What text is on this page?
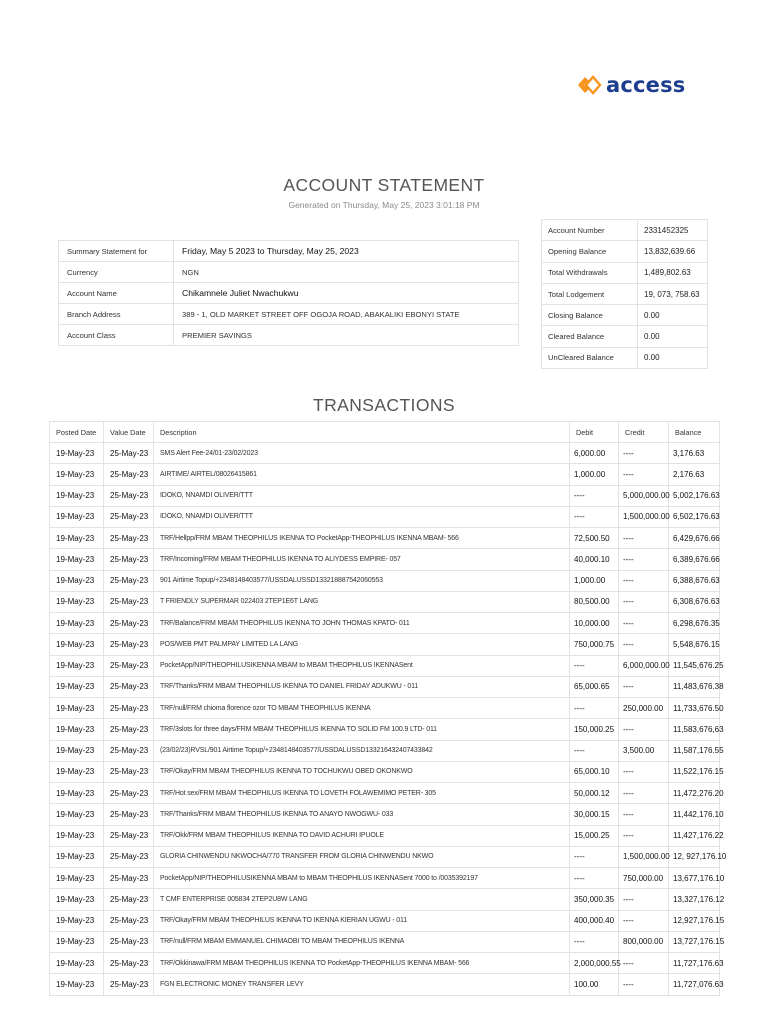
access
ACCOUNT STATEMENT
Generated on Thursday, May 25, 2023 3:01:18 PM
Summary Statement for	Friday, May 5 2023 to Thursday, May 25, 2023
Currency	NGN
Account Name	Chikamnele Juliet Nwachukwu
Branch Address	389 - 1, OLD MARKET STREET OFF OGOJA ROAD, ABAKALIKI EBONYI STATE
Account Class	PREMIER SAVINGS
Account Number	2331452325
Opening Balance	13,832,639.66
Total Withdrawals	1,489,802.63
Total Lodgement	19, 073, 758.63
Closing Balance	0.00
Cleared Balance	0.00
UnCleared Balance	0.00
TRANSACTIONS
Posted Date	Value Date	Description	Debit	Credit	Balance
19-May-23	25-May-23	SMS Alert Fee-24/01-23/02/2023	6,000.00	----	3,176.63
19-May-23	25-May-23	AIRTIME/ AIRTEL/08026415861	1,000.00	----	2,176.63
19-May-23	25-May-23	IDOKO, NNAMDI OLIVER/TTT	----	5,000,000.00	5,002,176.63
19-May-23	25-May-23	IDOKO, NNAMDI OLIVER/TTT	----	1,500,000.00	6,502,176.63
19-May-23	25-May-23	TRF/Hellpp/FRM MBAM THEOPHILUS IKENNA TO PocketApp-THEOPHILUS IKENNA MBAM- 566	72,500.50	----	6,429,676.66
19-May-23	25-May-23	TRF/Incoming/FRM MBAM THEOPHILUS IKENNA TO ALIYDESS EMPIRE- 057	40,000.10	----	6,389,676.66
19-May-23	25-May-23	901 Airtime Topup/+2348148403577/USSDALUSSD133218887542060553	1,000.00	----	6,388,676.63
19-May-23	25-May-23	T FRIENDLY SUPERMAR 022403 2TEP1E6T LANG	80,500.00	----	6,308,676.63
19-May-23	25-May-23	TRF/Balance/FRM MBAM THEOPHILUS IKENNA TO JOHN THOMAS KPATO- 011	10,000.00	----	6,298,676.35
19-May-23	25-May-23	POS/WEB PMT PALMPAY LIMITED LA LANG	750,000.75	----	5,548,676.15
19-May-23	25-May-23	PocketApp/NIP/THEOPHILUSIKENNA MBAM to MBAM THEOPHILUS IKENNASent	----	6,000,000.00	11,545,676.25
19-May-23	25-May-23	TRF/Thanks/FRM MBAM THEOPHILUS IKENNA TO DANIEL FRIDAY ADUKWU - 011	65,000.65	----	11,483,676.38
19-May-23	25-May-23	TRF/null/FRM chioma florence ozor TO MBAM THEOPHILUS IKENNA	----	250,000.00	11,733,676.50
19-May-23	25-May-23	TRF/3slots for three days/FRM MBAM THEOPHILUS IKENNA TO SOLID FM 100.9 LTD- 011	150,000.25	----	11,583,676,63
19-May-23	25-May-23	(23/02/23)RVSL/901 Airtime Topup/+2348148403577/USSDALUSSD133216432407433842	----	3,500.00	11,587,176.55
19-May-23	25-May-23	TRF/Okay/FRM MBAM THEOPHILUS IKENNA TO TOCHUKWU OBED OKONKWO	65,000.10	----	11,522,176.15
19-May-23	25-May-23	TRF/Hot sex/FRM MBAM THEOPHILUS IKENNA TO LOVETH FOLAWEMIMO PETER- 305	50,000.12	----	11,472,276.20
19-May-23	25-May-23	TRF/Thanks/FRM MBAM THEOPHILUS IKENNA TO ANAYO NWOGWU- 033	30,000.15	----	11,442,176.10
19-May-23	25-May-23	TRF/Okk/FRM MBAM THEOPHILUS IKENNA TO DAVID ACHURI IPUOLE	15,000.25	----	11,427,176.22
19-May-23	25-May-23	GLORIA CHINWENDU NKWOCHA/770 TRANSFER FROM GLORIA CHINWENDU NKWO	----	1,500,000.00	12, 927,176.10
19-May-23	25-May-23	PocketApp/NIP/THEOPHILUSIKENNA MBAM to MBAM THEOPHILUS IKENNASent 7000 to /0035392197	----	750,000.00	13,677,176.10
19-May-23	25-May-23	T CMF ENTERPRISE 005834 2TEP2U8W LANG	350,000.35	----	13,327,176.12
19-May-23	25-May-23	TRF/Okay/FRM MBAM THEOPHILUS IKENNA TO IKENNA KIERIAN UGWU - 011	400,000.40	----	12,927,176.15
19-May-23	25-May-23	TRF/null/FRM MBAM EMMANUEL CHIMAOBI TO MBAM THEOPHILUS IKENNA	----	800,000.00	13,727,176.15
19-May-23	25-May-23	TRF/Okkinawa/FRM MBAM THEOPHILUS IKENNA TO PocketApp-THEOPHILUS IKENNA MBAM- 566	2,000,000.55	----	11,727,176.63
19-May-23	25-May-23	FGN ELECTRONIC MONEY TRANSFER LEVY	100.00	----	11,727,076.63
